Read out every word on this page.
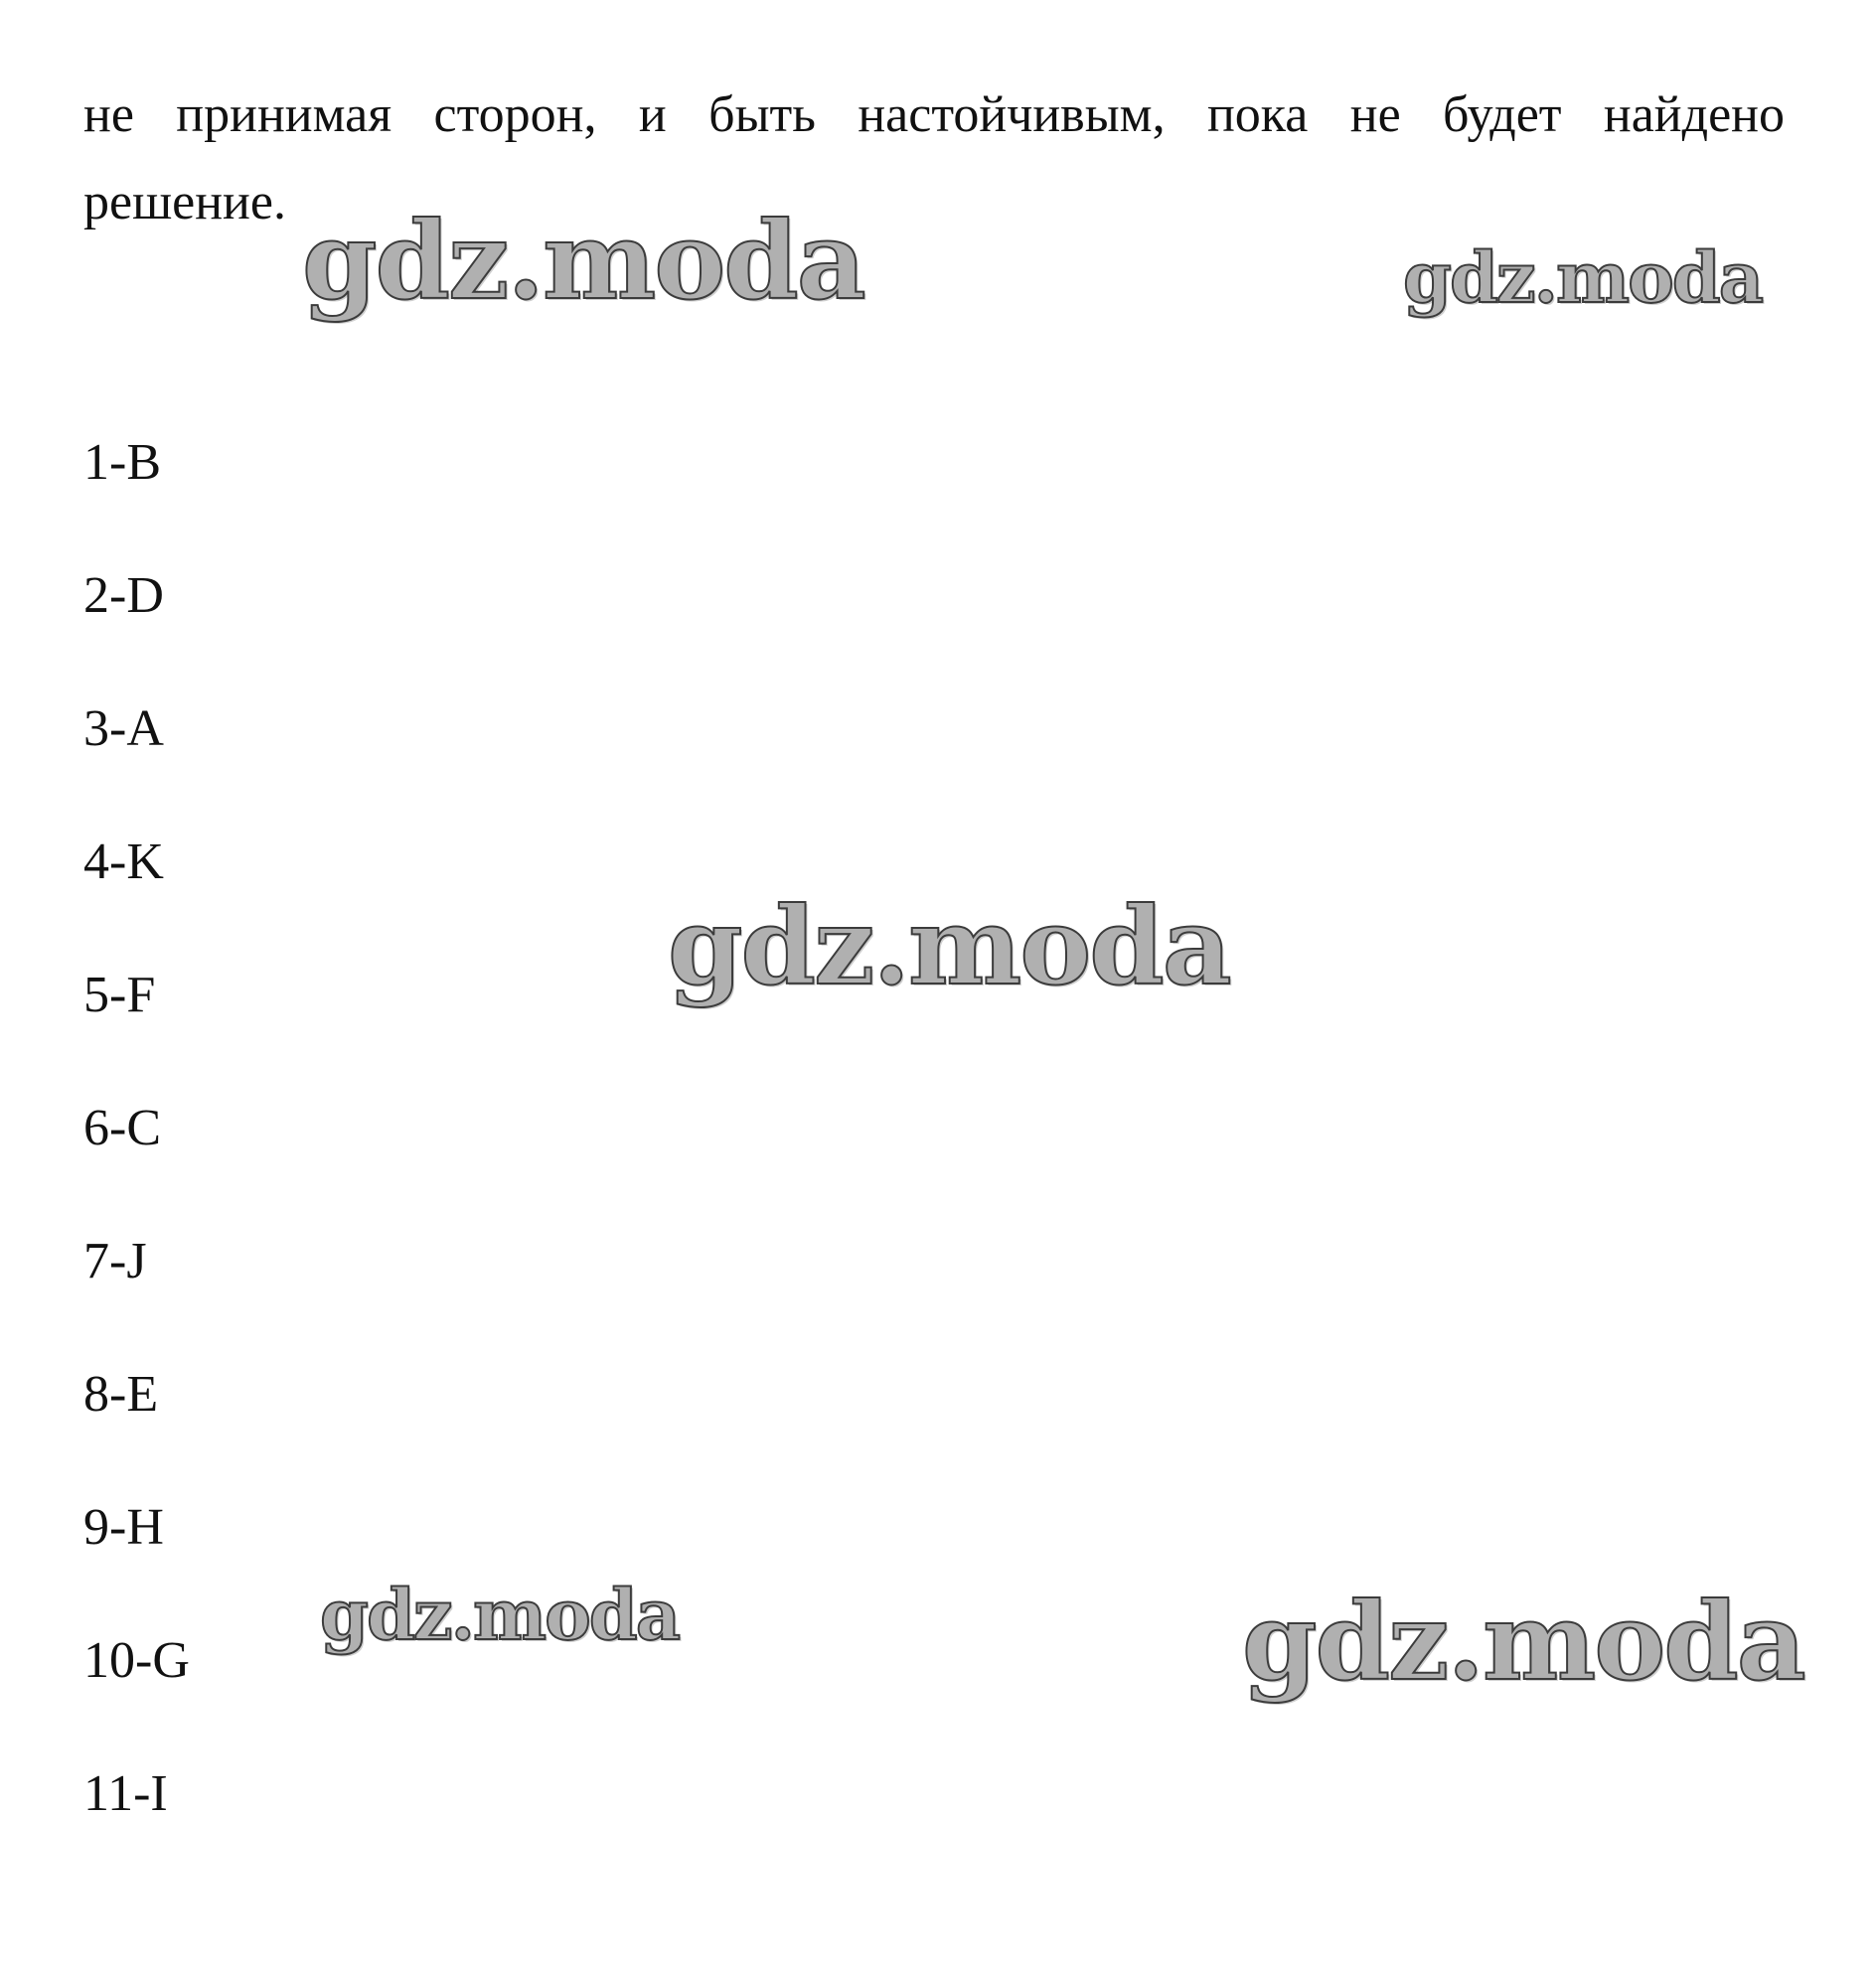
не принимая сторон, и быть настойчивым, пока не будет найдено
решение.

1-B
2-D
3-A
4-K
5-F
6-C
7-J
8-E
9-H
10-G
11-I
gdz.moda	gdz.moda
gdz.moda
gdz.moda	gdz.moda
